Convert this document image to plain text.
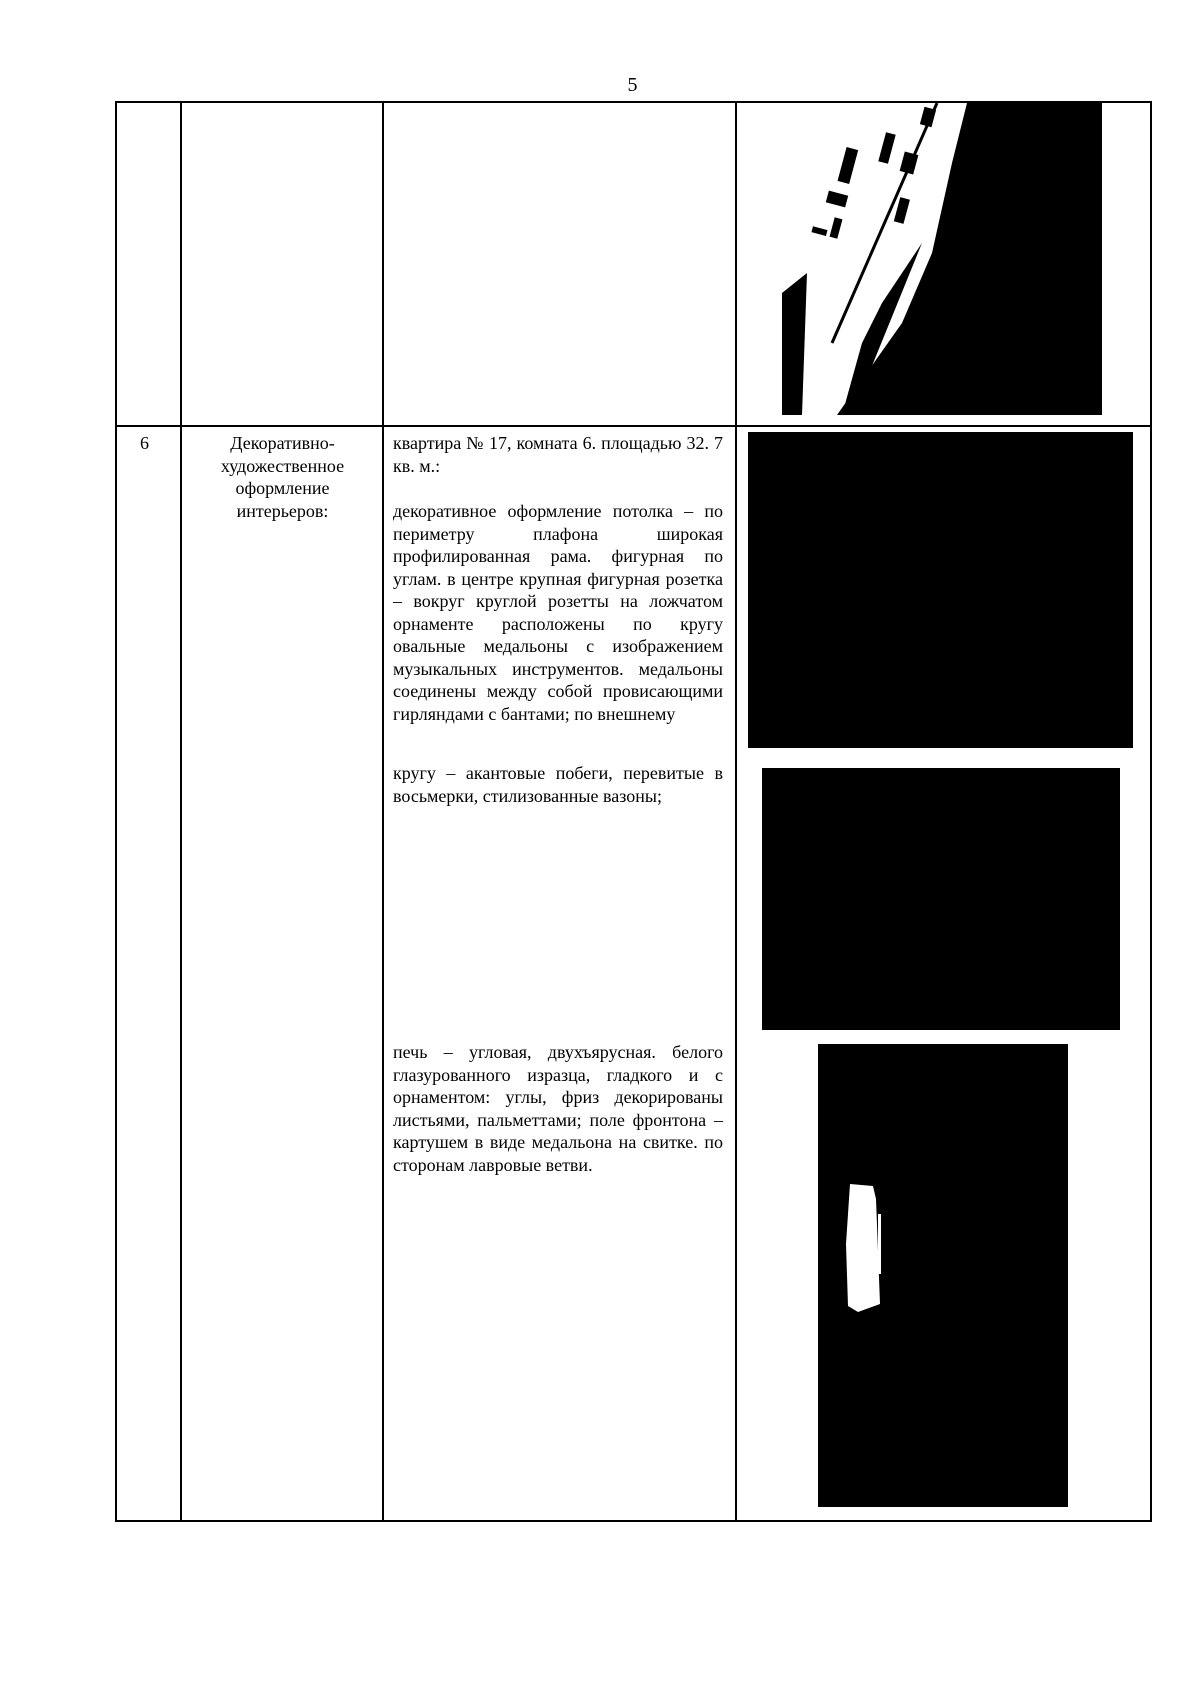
5
6	Декоративно-художественное оформление интерьеров:

квартира № 17, комната 6. площадью 32. 7 кв. м.:

декоративное оформление потолка – по периметру плафона широкая профилированная рама. фигурная по углам. в центре крупная фигурная розетка – вокруг круглой розетты на ложчатом орнаменте расположены по кругу овальные медальоны с изображением музыкальных инструментов. медальоны соединены между собой провисающими гирляндами с бантами; по внешнему

кругу – акантовые побеги, перевитые в восьмерки, стилизованные вазоны;

печь – угловая, двухъярусная. белого глазурованного изразца, гладкого и с орнаментом: углы, фриз декорированы листьями, пальметтами; поле фронтона – картушем в виде медальона на свитке. по сторонам лавровые ветви.
